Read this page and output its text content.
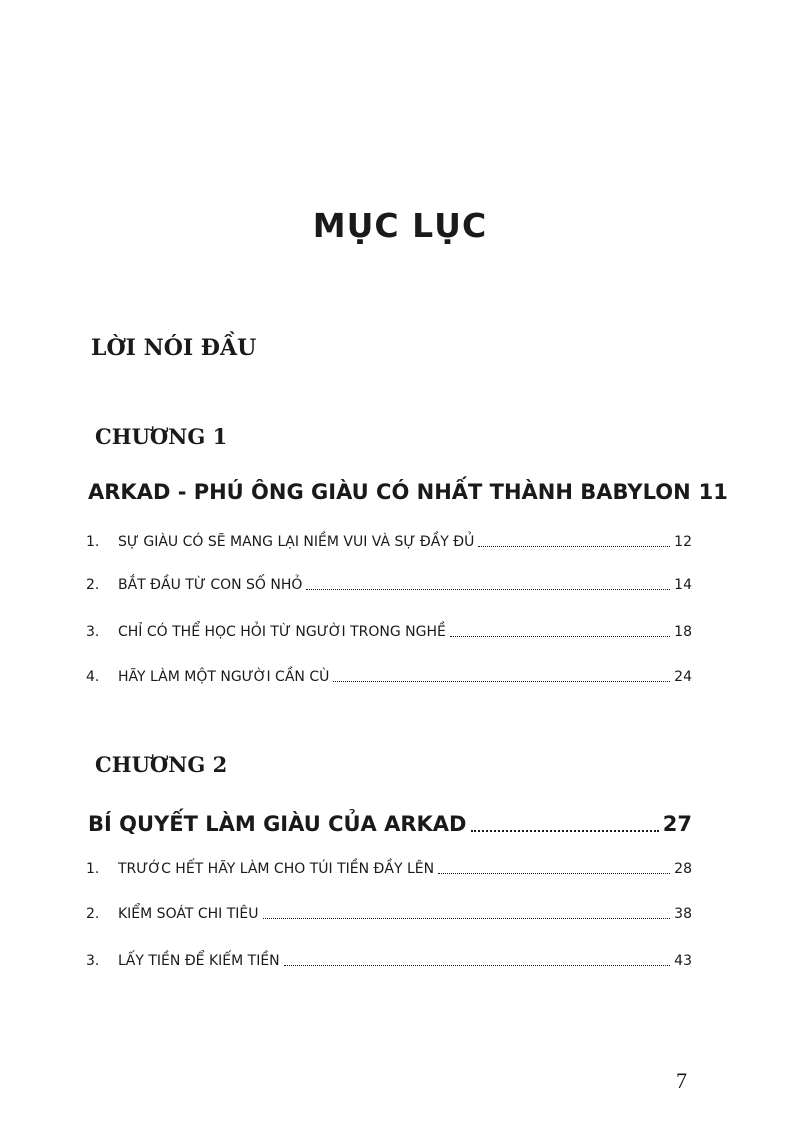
MỤC LỤC
LỜI NÓI ĐẦU
CHƯƠNG 1
ARKAD - PHÚ ÔNG GIÀU CÓ NHẤT THÀNH BABYLON 11
1.	SỰ GIÀU CÓ SẼ MANG LẠI NIỀM VUI VÀ SỰ ĐẦY ĐỦ	12
2.	BẮT ĐẦU TỪ CON SỐ NHỎ	14
3.	CHỈ CÓ THỂ HỌC HỎI TỪ NGƯỜI TRONG NGHỀ	18
4.	HÃY LÀM MỘT NGƯỜI CẦN CÙ	24
CHƯƠNG 2
BÍ QUYẾT LÀM GIÀU CỦA ARKAD	27
1.	TRƯỚC HẾT HÃY LÀM CHO TÚI TIỀN ĐẦY LÊN	28
2.	KIỂM SOÁT CHI TIÊU	38
3.	LẤY TIỀN ĐỂ KIẾM TIỀN	43
7
